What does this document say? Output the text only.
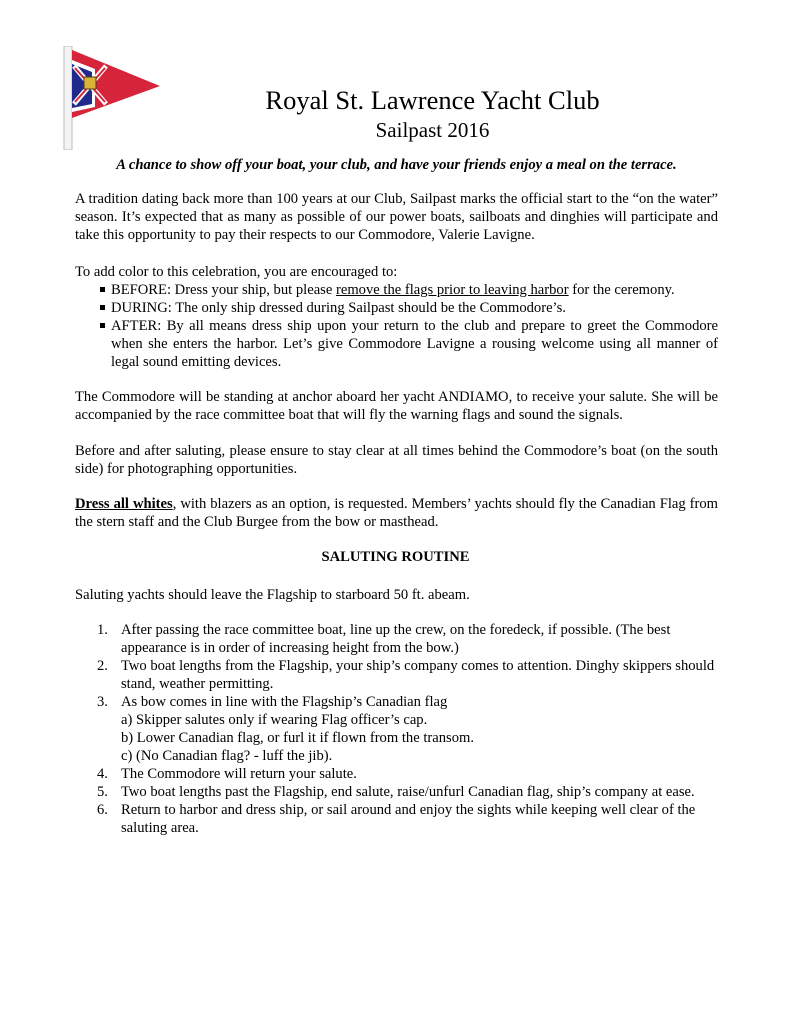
Royal St. Lawrence Yacht Club
Sailpast 2016
A chance to show off your boat, your club, and have your friends enjoy a meal on the terrace.

A tradition dating back more than 100 years at our Club, Sailpast marks the official start to the “on the water” season. It’s expected that as many as possible of our power boats, sailboats and dinghies will participate and take this opportunity to pay their respects to our Commodore, Valerie Lavigne.

To add color to this celebration, you are encouraged to:

BEFORE: Dress your ship, but please remove the flags prior to leaving harbor for the ceremony.
DURING: The only ship dressed during Sailpast should be the Commodore’s.
AFTER: By all means dress ship upon your return to the club and prepare to greet the Commodore when she enters the harbor. Let’s give Commodore Lavigne a rousing welcome using all manner of legal sound emitting devices.

The Commodore will be standing at anchor aboard her yacht ANDIAMO, to receive your salute. She will be accompanied by the race committee boat that will fly the warning flags and sound the signals.

Before and after saluting, please ensure to stay clear at all times behind the Commodore’s boat (on the south side) for photographing opportunities.

Dress all whites, with blazers as an option, is requested. Members’ yachts should fly the Canadian Flag from the stern staff and the Club Burgee from the bow or masthead.

SALUTING ROUTINE

Saluting yachts should leave the Flagship to starboard 50 ft. abeam.

1. After passing the race committee boat, line up the crew, on the foredeck, if possible. (The best appearance is in order of increasing height from the bow.)
2. Two boat lengths from the Flagship, your ship’s company comes to attention. Dinghy skippers should stand, weather permitting.
3. As bow comes in line with the Flagship’s Canadian flag
a) Skipper salutes only if wearing Flag officer’s cap.
b) Lower Canadian flag, or furl it if flown from the transom.
c) (No Canadian flag? - luff the jib).
4. The Commodore will return your salute.
5. Two boat lengths past the Flagship, end salute, raise/unfurl Canadian flag, ship’s company at ease.
6. Return to harbor and dress ship, or sail around and enjoy the sights while keeping well clear of the saluting area.
